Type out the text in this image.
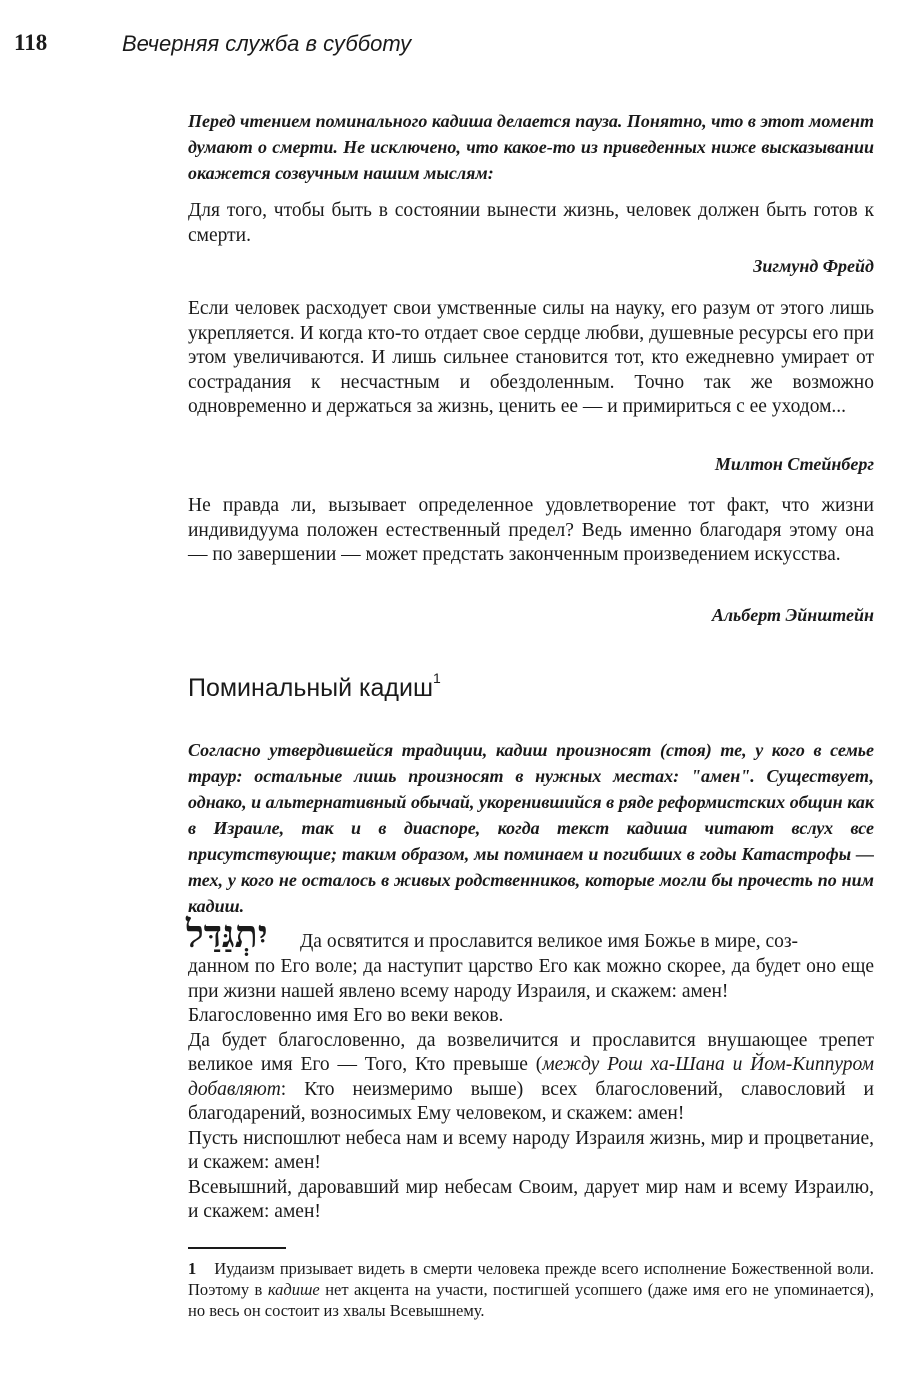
118	Вечерняя служба в субботу
Перед чтением поминального кадиша делается пауза. Понятно, что в этот момент думают о смерти. Не исключено, что какое-то из приведенных ниже высказывании окажется созвучным нашим мыслям:
Для того, чтобы быть в состоянии вынести жизнь, человек должен быть готов к смерти.
Зигмунд Фрейд
Если человек расходует свои умственные силы на науку, его разум от этого лишь укрепляется. И когда кто-то отдает свое сердце любви, душевные ресурсы его при этом увеличиваются. И лишь сильнее становится тот, кто ежедневно умирает от сострадания к несчастным и обездоленным. Точно так же возможно одновременно и держаться за жизнь, ценить ее — и примириться с ее уходом...
Милтон Стейнберг
Не правда ли, вызывает определенное удовлетворение тот факт, что жизни индивидуума положен естественный предел? Ведь именно благодаря этому она — по завершении — может предстать законченным произведением искусства.
Альберт Эйнштейн
Поминальный кадиш$^1$
Согласно утвердившейся традиции, кадиш произносят (стоя) те, у кого в семье траур: остальные лишь произносят в нужных местах: "амен". Существует, однако, и альтернативный обычай, укоренившийся в ряде реформистских общин как в Израиле, так и в диаспоре, когда текст кадиша читают вслух все присутствующие; таким образом, мы поминаем и погибших в годы Катастрофы — тех, у кого не осталось в живых родственников, которые могли бы прочесть по ним кадиш.
יִתְגַּדַּל Да освятится и прославится великое имя Божье в мире, соз-

данном по Его воле; да наступит царство Его как можно скорее, да будет оно еще при жизни нашей явлено всему народу Израиля, и скажем: амен!

Благословенно имя Его во веки веков.

Да будет благословенно, да возвеличится и прославится внушающее трепет великое имя Его — Того, Кто превыше (между Рош ха-Шана и Йом-Киппуром добавляют: Кто неизмеримо выше) всех благословений, славословий и благодарений, возносимых Ему человеком, и скажем: амен!

Пусть ниспошлют небеса нам и всему народу Израиля жизнь, мир и процветание, и скажем: амен!

Всевышний, даровавший мир небесам Своим, дарует мир нам и всему Израилю, и скажем: амен!

1 Иудаизм призывает видеть в смерти человека прежде всего исполнение Божественной воли. Поэтому в кадише нет акцента на участи, постигшей усопшего (даже имя его не упоминается), но весь он состоит из хвалы Всевышнему.
